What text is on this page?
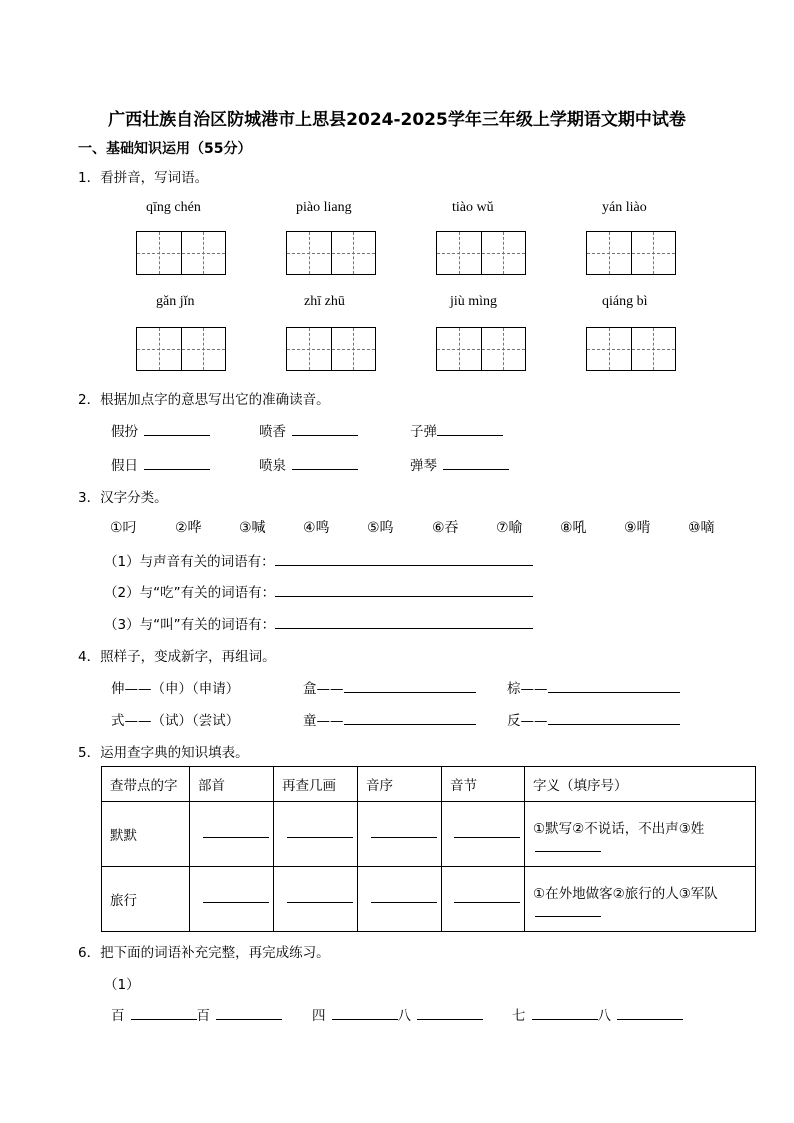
广西壮族自治区防城港市上思县2024-2025学年三年级上学期语文期中试卷
一、基础知识运用（55分）
1．看拼音，写词语。
qīng chén	piào liang	tiào wǔ	yán liào
gǎn jǐn	zhī zhū	jiù mìng	qiáng bì
2．根据加点字的意思写出它的准确读音。
假扮	喷香	子弹
假日	喷泉	弹琴
3．汉字分类。
①叼	②哗	③喊	④鸣	⑤呜	⑥吞	⑦喻	⑧吼	⑨啃	⑩嘀
（1）与声音有关的词语有：
（2）与“吃”有关的词语有：
（3）与“叫”有关的词语有：
4．照样子，变成新字，再组词。
伸——（申）（申请）	盒——	棕——
式——（试）（尝试）	童——	反——
5．运用查字典的知识填表。
查带点的字	部首	再查几画	音序	音节	字义（填序号）
默默					①默写②不说话，不出声③姓

旅行					①在外地做客②旅行的人③军队
6．把下面的词语补充完整，再完成练习。
（1）
百	百	四	八	七	八
